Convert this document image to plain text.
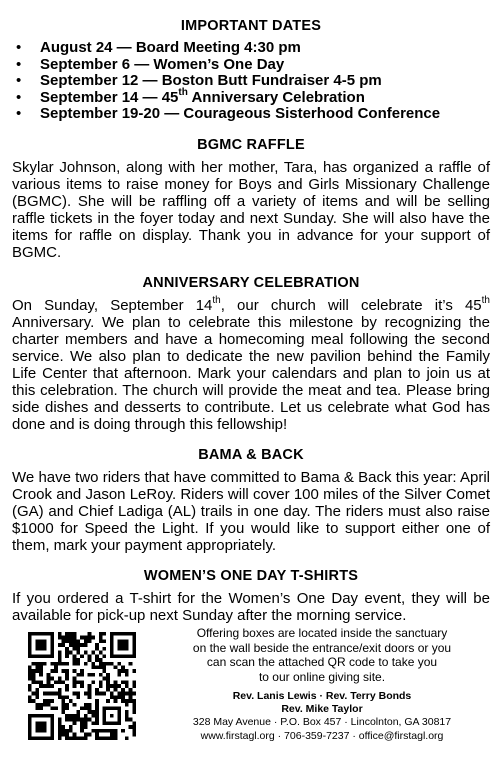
IMPORTANT DATES
• August 24 — Board Meeting 4:30 pm
• September 6 — Women’s One Day
• September 12 — Boston Butt Fundraiser 4-5 pm
• September 14 — 45th Anniversary Celebration
• September 19-20 — Courageous Sisterhood Conference
BGMC RAFFLE

Skylar Johnson, along with her mother, Tara, has organized a raffle of various items to raise money for Boys and Girls Missionary Challenge (BGMC). She will be raffling off a variety of items and will be selling raffle tickets in the foyer today and next Sunday. She will also have the items for raffle on display. Thank you in advance for your support of BGMC.

ANNIVERSARY CELEBRATION

On Sunday, September 14th, our church will celebrate it’s 45th Anniversary. We plan to celebrate this milestone by recognizing the charter members and have a homecoming meal following the second service. We also plan to dedicate the new pavilion behind the Family Life Center that afternoon. Mark your calendars and plan to join us at this celebration. The church will provide the meat and tea. Please bring side dishes and desserts to contribute. Let us celebrate what God has done and is doing through this fellowship!

BAMA & BACK

We have two riders that have committed to Bama & Back this year: April Crook and Jason LeRoy. Riders will cover 100 miles of the Silver Comet (GA) and Chief Ladiga (AL) trails in one day. The riders must also raise $1000 for Speed the Light. If you would like to support either one of them, mark your payment appropriately.

WOMEN’S ONE DAY T-SHIRTS

If you ordered a T-shirt for the Women’s One Day event, they will be available for pick-up next Sunday after the morning service.

Offering boxes are located inside the sanctuary
on the wall beside the entrance/exit doors or you
can scan the attached QR code to take you
to our online giving site.
Rev. Lanis Lewis · Rev. Terry Bonds
Rev. Mike Taylor
328 May Avenue · P.O. Box 457 · Lincolnton, GA 30817
www.firstagl.org · 706-359-7237 · office@firstagl.org
